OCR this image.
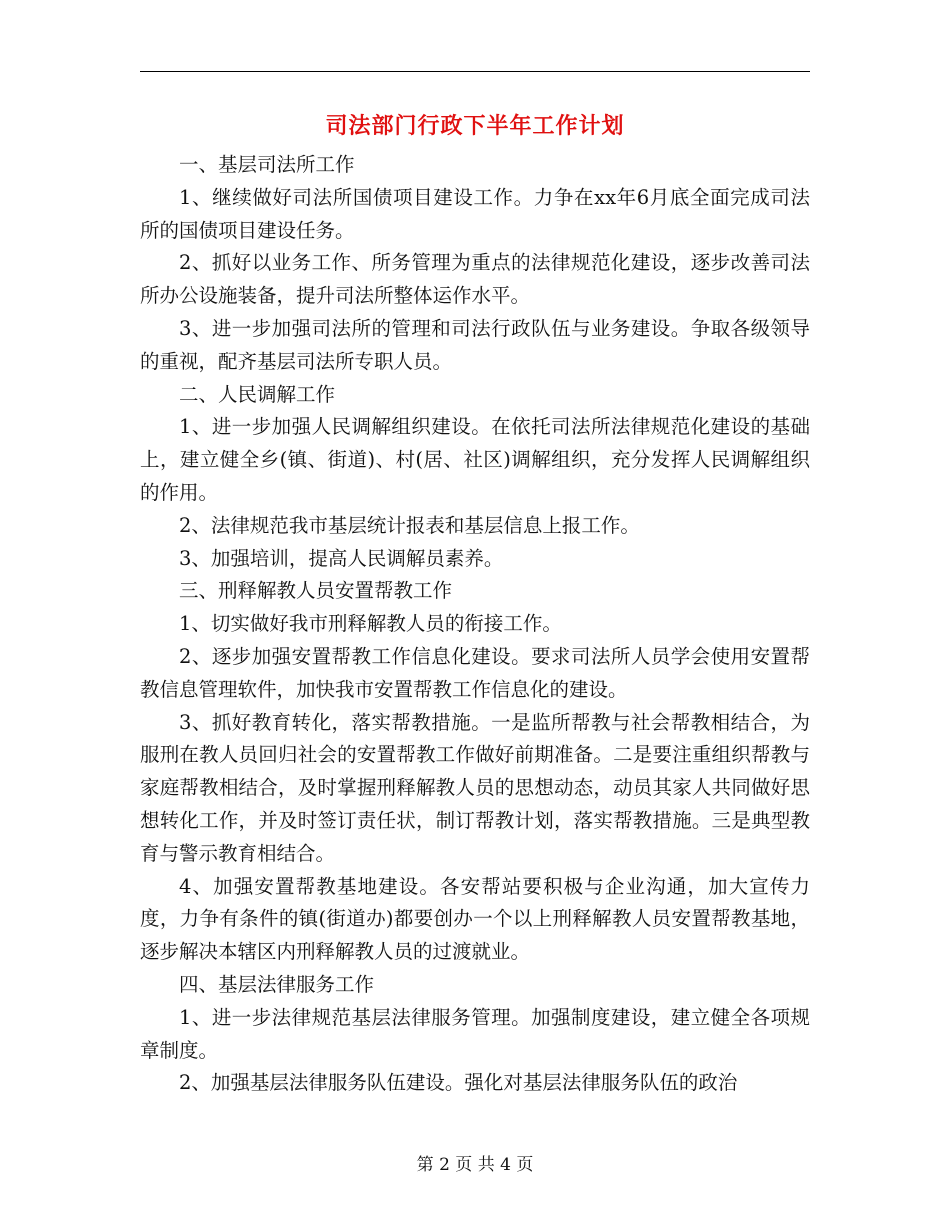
司法部门行政下半年工作计划

一、基层司法所工作

1、继续做好司法所国债项目建设工作。力争在xx年6月底全面完成司法所的国债项目建设任务。

2、抓好以业务工作、所务管理为重点的法律规范化建设，逐步改善司法所办公设施装备，提升司法所整体运作水平。

3、进一步加强司法所的管理和司法行政队伍与业务建设。争取各级领导的重视，配齐基层司法所专职人员。

二、人民调解工作

1、进一步加强人民调解组织建设。在依托司法所法律规范化建设的基础上，建立健全乡(镇、街道)、村(居、社区)调解组织，充分发挥人民调解组织的作用。

2、法律规范我市基层统计报表和基层信息上报工作。

3、加强培训，提高人民调解员素养。

三、刑释解教人员安置帮教工作

1、切实做好我市刑释解教人员的衔接工作。

2、逐步加强安置帮教工作信息化建设。要求司法所人员学会使用安置帮教信息管理软件，加快我市安置帮教工作信息化的建设。

3、抓好教育转化，落实帮教措施。一是监所帮教与社会帮教相结合，为服刑在教人员回归社会的安置帮教工作做好前期准备。二是要注重组织帮教与家庭帮教相结合，及时掌握刑释解教人员的思想动态，动员其家人共同做好思想转化工作，并及时签订责任状，制订帮教计划，落实帮教措施。三是典型教育与警示教育相结合。

4、加强安置帮教基地建设。各安帮站要积极与企业沟通，加大宣传力度，力争有条件的镇(街道办)都要创办一个以上刑释解教人员安置帮教基地，逐步解决本辖区内刑释解教人员的过渡就业。

四、基层法律服务工作

1、进一步法律规范基层法律服务管理。加强制度建设，建立健全各项规章制度。

2、加强基层法律服务队伍建设。强化对基层法律服务队伍的政治

第 2 页 共 4 页
